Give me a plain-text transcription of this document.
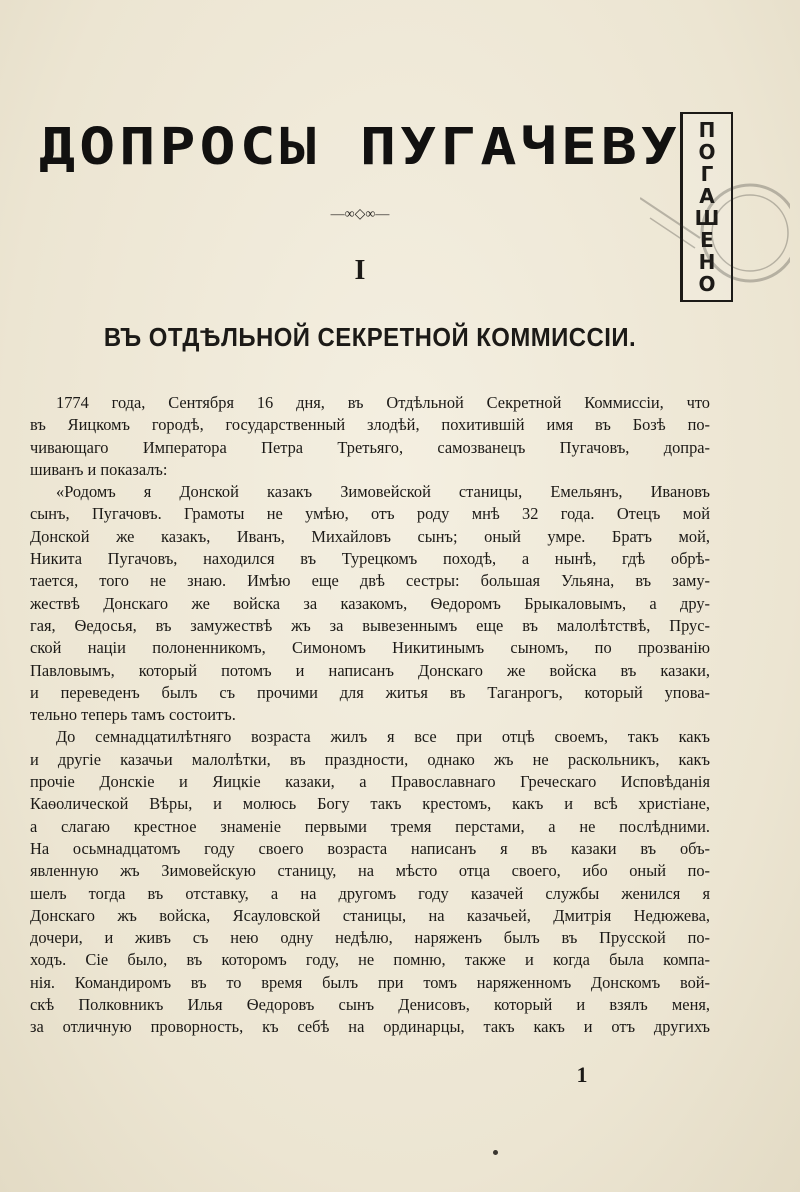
ДОПРОСЫ ПУГАЧЕВУ ПОГАШЕНО
—∞◇∞—
I
ВЪ ОТДѢЛЬНОЙ СЕКРЕТНОЙ КОММИССІИ.
1774 года, Сентября 16 дня, въ Отдѣльной Секретной Коммиссіи, что
въ Яицкомъ городѣ, государственный злодѣй, похитившій имя въ Бозѣ по-
чивающаго Императора Петра Третьяго, самозванецъ Пугачовъ, допра-
шиванъ и показалъ:
«Родомъ я Донской казакъ Зимовейской станицы, Емельянъ, Ивановъ
сынъ, Пугачовъ. Грамоты не умѣю, отъ роду мнѣ 32 года. Отецъ мой
Донской же казакъ, Иванъ, Михайловъ сынъ; оный умре. Братъ мой,
Никита Пугачовъ, находился въ Турецкомъ походѣ, а нынѣ, гдѣ обрѣ-
тается, того не знаю. Имѣю еще двѣ сестры: большая Ульяна, въ заму-
жествѣ Донскаго же войска за казакомъ, Ѳедоромъ Брыкаловымъ, а дру-
гая, Ѳедосья, въ замужествѣ жъ за вывезеннымъ еще въ малолѣтствѣ, Прус-
ской націи полоненникомъ, Симономъ Никитинымъ сыномъ, по прозванію
Павловымъ, который потомъ и написанъ Донскаго же войска въ казаки,
и переведенъ былъ съ прочими для житья въ Таганрогъ, который упова-
тельно теперь тамъ состоитъ.
До семнадцатилѣтняго возраста жилъ я все при отцѣ своемъ, такъ какъ
и другіе казачьи малолѣтки, въ праздности, однако жъ не раскольникъ, какъ
прочіе Донскіе и Яицкіе казаки, а Православнаго Греческаго Исповѣданія
Каѳолической Вѣры, и молюсь Богу такъ крестомъ, какъ и всѣ христіане,
а слагаю крестное знаменіе первыми тремя перстами, а не послѣдними.
На осьмнадцатомъ году своего возраста написанъ я въ казаки въ объ-
явленную жъ Зимовейскую станицу, на мѣсто отца своего, ибо оный по-
шелъ тогда въ отставку, а на другомъ году казачей службы женился я
Донскаго жъ войска, Ясауловской станицы, на казачьей, Дмитрія Недюжева,
дочери, и живъ съ нею одну недѣлю, наряженъ былъ въ Прусской по-
ходъ. Сіе было, въ которомъ году, не помню, также и когда была компа-
нія. Командиромъ въ то время былъ при томъ наряженномъ Донскомъ вой-
скѣ Полковникъ Илья Ѳедоровъ сынъ Денисовъ, который и взялъ меня,
за отличную проворность, къ себѣ на ординарцы, такъ какъ и отъ другихъ
1
